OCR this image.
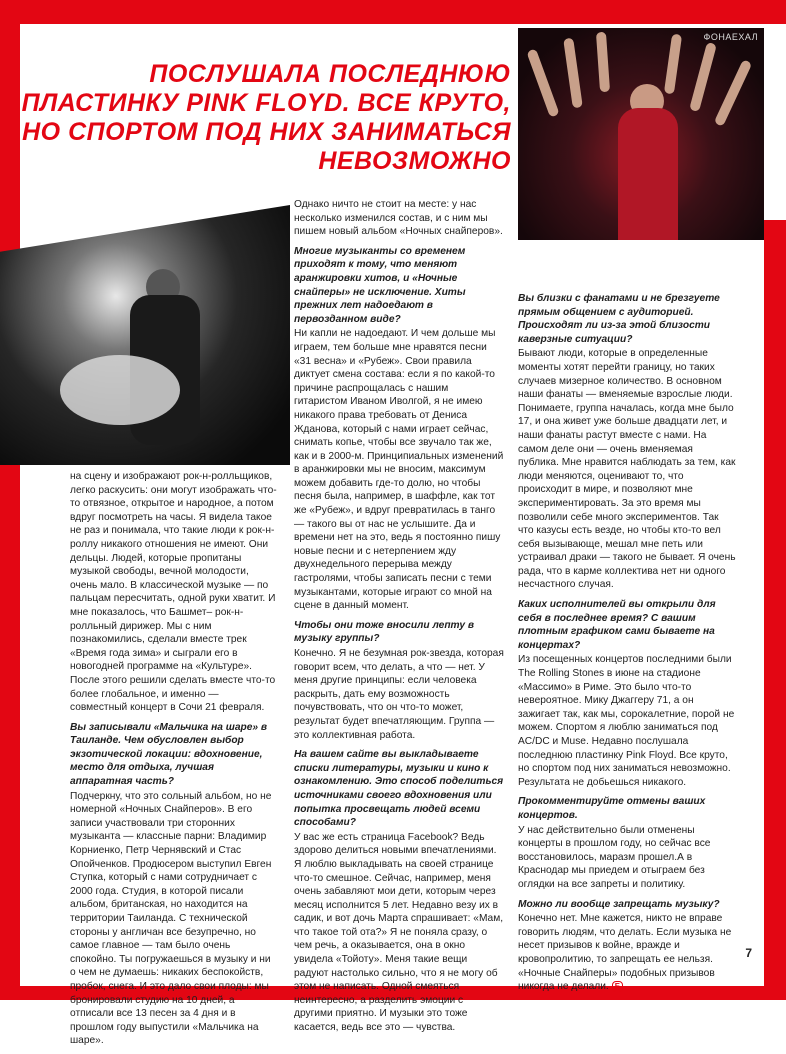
ФОНАЕХАЛ
ПОСЛУШАЛА ПОСЛЕДНЮЮ ПЛАСТИНКУ PINK FLOYD. ВСЕ КРУТО, НО СПОРТОМ ПОД НИХ ЗАНИМАТЬСЯ НЕВОЗМОЖНО

на сцену и изображают рок-н-ролльщиков, легко раскусить: они могут изображать что-то отвязное, открытое и народное, а потом вдруг посмотреть на часы. Я видела такое не раз и понимала, что такие люди к рок-н-роллу никакого отношения не имеют. Они дельцы. Людей, которые пропитаны музыкой свободы, вечной молодости, очень мало. В классической музыке — по пальцам пересчитать, одной руки хватит. И мне показалось, что Башмет– рок-н-ролльный дирижер. Мы с ним познакомились, сделали вместе трек «Время года зима» и сыграли его в новогодней программе на «Культуре». После этого решили сделать вместе что-то более глобальное, и именно — совместный концерт в Сочи 21 февраля.

Вы записывали «Мальчика на шаре» в Таиланде. Чем обусловлен выбор экзотической локации: вдохновение, место для отдыха, лучшая аппаратная часть?

Подчеркну, что это сольный альбом, но не номерной «Ночных Снайперов». В его записи участвовали три сторонних музыканта — классные парни: Владимир Корниенко, Петр Чернявский и Стас Опойченков. Продюсером выступил Евген Ступка, который с нами сотрудничает с 2000 года. Студия, в которой писали альбом, британская, но находится на территории Таиланда. С технической стороны у англичан все безупречно, но самое главное — там было очень спокойно. Ты погружаешься в музыку и ни о чем не думаешь: никаких беспокойств, пробок, снега. И это дало свои плоды: мы бронировали студию на 10 дней, а отписали все 13 песен за 4 дня и в прошлом году выпустили «Мальчика на шаре».

Однако ничто не стоит на месте: у нас несколько изменился состав, и с ним мы пишем новый альбом «Ночных снайперов».

Многие музыканты со временем приходят к тому, что меняют аранжировки хитов, и «Ночные снайперы» не исключение. Хиты прежних лет надоедают в первозданном виде?

Ни капли не надоедают. И чем дольше мы играем, тем больше мне нравятся песни «31 весна» и «Рубеж». Свои правила диктует смена состава: если я по какой-то причине распрощалась с нашим гитаристом Иваном Иволгой, я не имею никакого права требовать от Дениса Жданова, который с нами играет сейчас, снимать копье, чтобы все звучало так же, как и в 2000-м. Принципиальных изменений в аранжировки мы не вносим, максимум можем добавить где-то долю, но чтобы песня была, например, в шаффле, как тот же «Рубеж», и вдруг превратилась в танго — такого вы от нас не услышите. Да и времени нет на это, ведь я постоянно пишу новые песни и с нетерпением жду двухнедельного перерыва между гастролями, чтобы записать песни с теми музыкантами, которые играют со мной на сцене в данный момент.

Чтобы они тоже вносили лепту в музыку группы?

Конечно. Я не безумная рок-звезда, которая говорит всем, что делать, а что — нет. У меня другие принципы: если человека раскрыть, дать ему возможность почувствовать, что он что-то может, результат будет впечатляющим. Группа — это коллективная работа.

На вашем сайте вы выкладываете списки литературы, музыки и кино к ознакомлению. Это способ поделиться источниками своего вдохновения или попытка просвещать людей всеми способами?

У вас же есть страница Facebook? Ведь здорово делиться новыми впечатлениями. Я люблю выкладывать на своей странице что-то смешное. Сейчас, например, меня очень забавляют мои дети, которым через месяц исполнится 5 лет. Недавно везу их в садик, и вот дочь Марта спрашивает: «Мам, что такое той ота?» Я не поняла сразу, о чем речь, а оказывается, она в окно увидела «Тойоту». Меня такие вещи радуют настолько сильно, что я не могу об этом не написать. Одной смеяться неинтересно, а разделить эмоции с другими приятно. И музыки это тоже касается, ведь все это — чувства.

Вы близки с фанатами и не брезгуете прямым общением с аудиторией. Происходят ли из-за этой близости каверзные ситуации?

Бывают люди, которые в определенные моменты хотят перейти границу, но таких случаев мизерное количество. В основном наши фанаты — вменяемые взрослые люди. Понимаете, группа началась, когда мне было 17, и она живет уже больше двадцати лет, и наши фанаты растут вместе с нами. На самом деле они — очень вменяемая публика. Мне нравится наблюдать за тем, как люди меняются, оценивают то, что происходит в мире, и позволяют мне экспериментировать. За это время мы позволили себе много экспериментов. Так что казусы есть везде, но чтобы кто-то вел себя вызывающе, мешал мне петь или устраивал драки — такого не бывает. Я очень рада, что в карме коллектива нет ни одного несчастного случая.

Каких исполнителей вы открыли для себя в последнее время? С вашим плотным графиком сами бываете на концертах?

Из посещенных концертов последними были The Rolling Stones в июне на стадионе «Массимо» в Риме. Это было что-то невероятное. Мику Джаггеру 71, а он зажигает так, как мы, сорокалетние, порой не можем. Спортом я люблю заниматься под AC/DC и Muse. Недавно послушала последнюю пластинку Pink Floyd. Все круто, но спортом под них заниматься невозможно. Результата не добьешься никакого.

Прокомментируйте отмены ваших концертов.

У нас действительно были отменены концерты в прошлом году, но сейчас все восстановилось, маразм прошел.А в Краснодар мы приедем и отыграем без оглядки на все запреты и политику.

Можно ли вообще запрещать музыку?

Конечно нет. Мне кажется, никто не вправе говорить людям, что делать. Если музыка не несет призывов к войне, вражде и кровопролитию, то запрещать ее нельзя. «Ночные Снайперы» подобных призывов никогда не делали. Б

7
